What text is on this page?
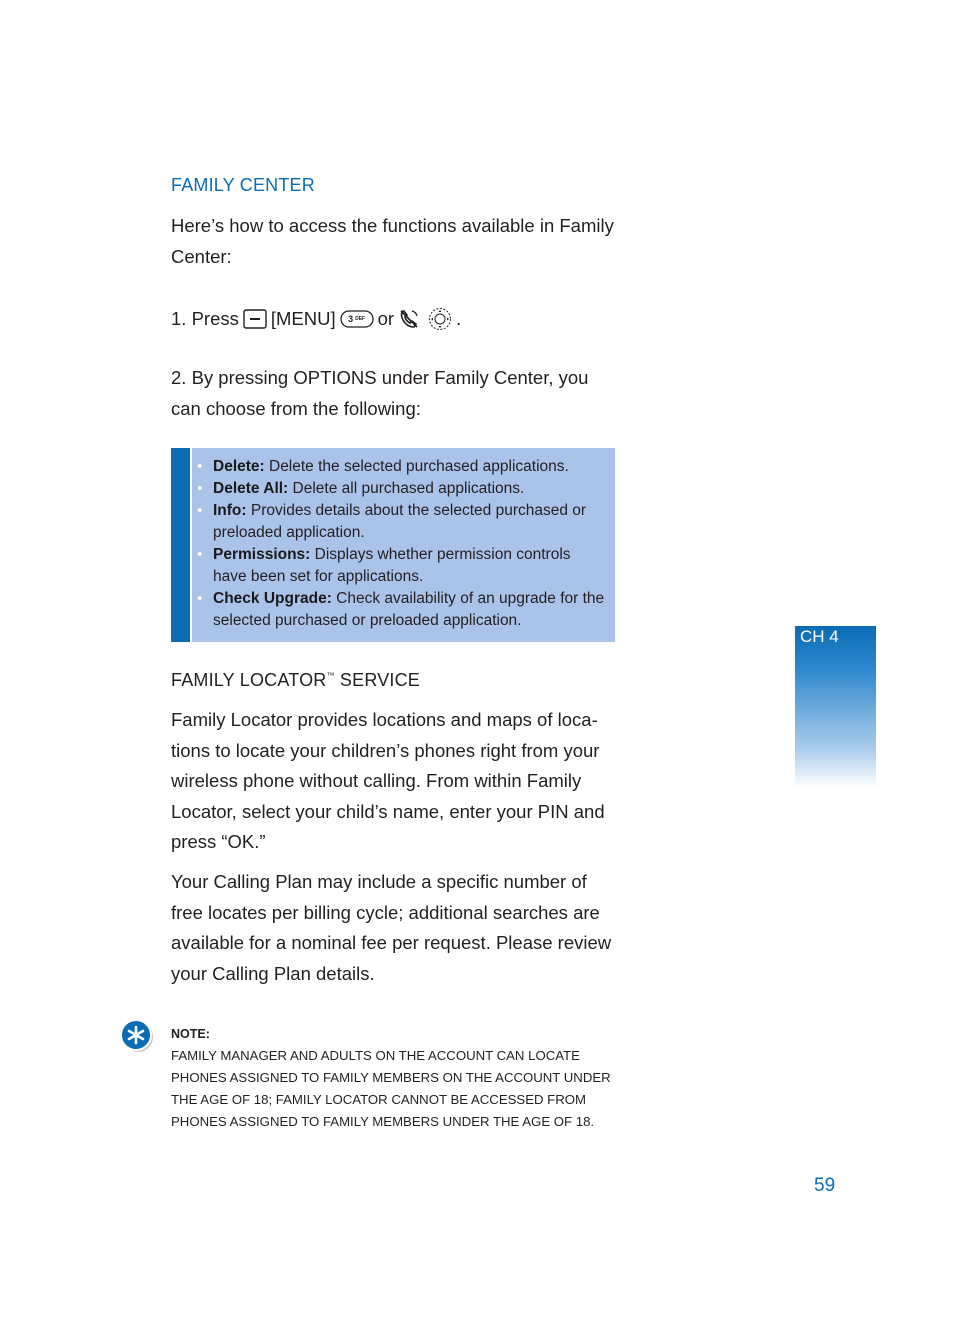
FAMILY CENTER
Here’s how to access the functions available in Family Center:
1. Press [MENU] 3 DEF or	.
2. By pressing OPTIONS under Family Center, you can choose from the following:
• Delete: Delete the selected purchased applications.
• Delete All: Delete all purchased applications.
• Info: Provides details about the selected purchased or preloaded application.
• Permissions: Displays whether permission controls have been set for applications.
• Check Upgrade: Check availability of an upgrade for the selected purchased or preloaded application.
FAMILY LOCATOR™ SERVICE
Family Locator provides locations and maps of loca- tions to locate your children’s phones right from your wireless phone without calling. From within Family Locator, select your child’s name, enter your PIN and press “OK.”
Your Calling Plan may include a specific number of free locates per billing cycle; additional searches are available for a nominal fee per request. Please review your Calling Plan details.
NOTE:
FAMILY MANAGER AND ADULTS ON THE ACCOUNT CAN LOCATE PHONES ASSIGNED TO FAMILY MEMBERS ON THE ACCOUNT UNDER THE AGE OF 18; FAMILY LOCATOR CANNOT BE ACCESSED FROM PHONES ASSIGNED TO FAMILY MEMBERS UNDER THE AGE OF 18.
CH 4
59
